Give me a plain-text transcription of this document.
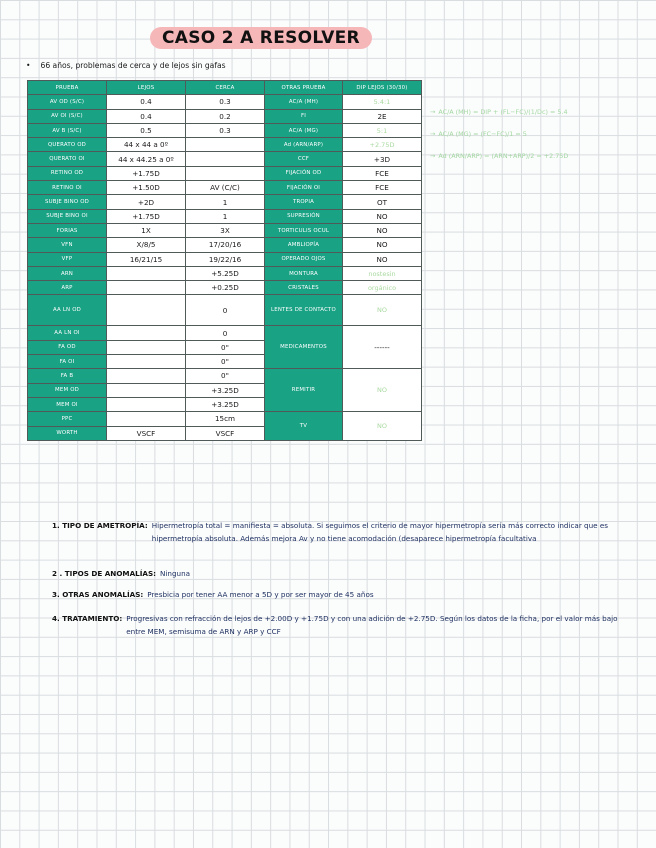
CASO 2 A RESOLVER
• 66 años, problemas de cerca y de lejos sin gafas
PRUEBA	LEJOS	CERCA	OTRAS PRUEBA	DIP LEJOS (30/30)
AV OD (S/C)	0.4	0.3	AC/A (MH)	5.4:1
AV OI (S/C)	0.4	0.2	FI	2E
AV B (S/C)	0.5	0.3	AC/A (MG)	5:1
QUERATO OD	44 x 44 a 0º		Ad (ARN/ARP)	+2.75D
QUERATO OI	44 x 44.25 a 0º		CCF	+3D
RETINO OD	+1.75D		FIJACIÓN OD	FCE
RETINO OI	+1.50D	AV (C/C)	FIJACIÓN OI	FCE
SUBJE BINO OD	+2D	1	TROPIA	OT
SUBJE BINO OI	+1.75D	1	SUPRESIÓN	NO
FORIAS	1X	3X	TORTICULIS OCUL	NO
VFN	X/8/5	17/20/16	AMBLIOPÍA	NO
VFP	16/21/15	19/22/16	OPERADO OJOS	NO
ARN		+5.25D	MONTURA	nostesin
ARP		+0.25D	CRISTALES	orgánico
AA LN OD		0	LENTES DE CONTACTO	NO
AA LN OI		0	MEDICAMENTOS	------
FA OD		0"		
FA OI		0"		
FA B		0"	REMITIR	NO
MEM OD		+3.25D		
MEM OI		+3.25D		
PPC		15cm	TV	NO
WORTH	VSCF	VSCF		
→ AC/A (MH) = DIP + (FL−FC)/(1/Dc) = 5.4
→ AC/A (MG) = (FC−FC)/1 = 5
→ Ad (ARN/ARP) = (ARN+ARP)/2 = +2.75D
1. TIPO DE AMETROPÍA: Hipermetropía total = manifiesta = absoluta. Si seguimos el criterio de mayor hipermetropía sería más correcto indicar que es hipermetropía absoluta. Además mejora Av y no tiene acomodación (desaparece hipermetropía facultativa
2 . TIPOS DE ANOMALÍAS: Ninguna
3. OTRAS ANOMALÍAS: Presbicia por tener AA menor a 5D y por ser mayor de 45 años
4. TRATAMIENTO: Progresivas con refracción de lejos de +2.00D y +1.75D y con una adición de +2.75D. Según los datos de la ficha, por el valor más bajo entre MEM, semisuma de ARN y ARP y CCF
